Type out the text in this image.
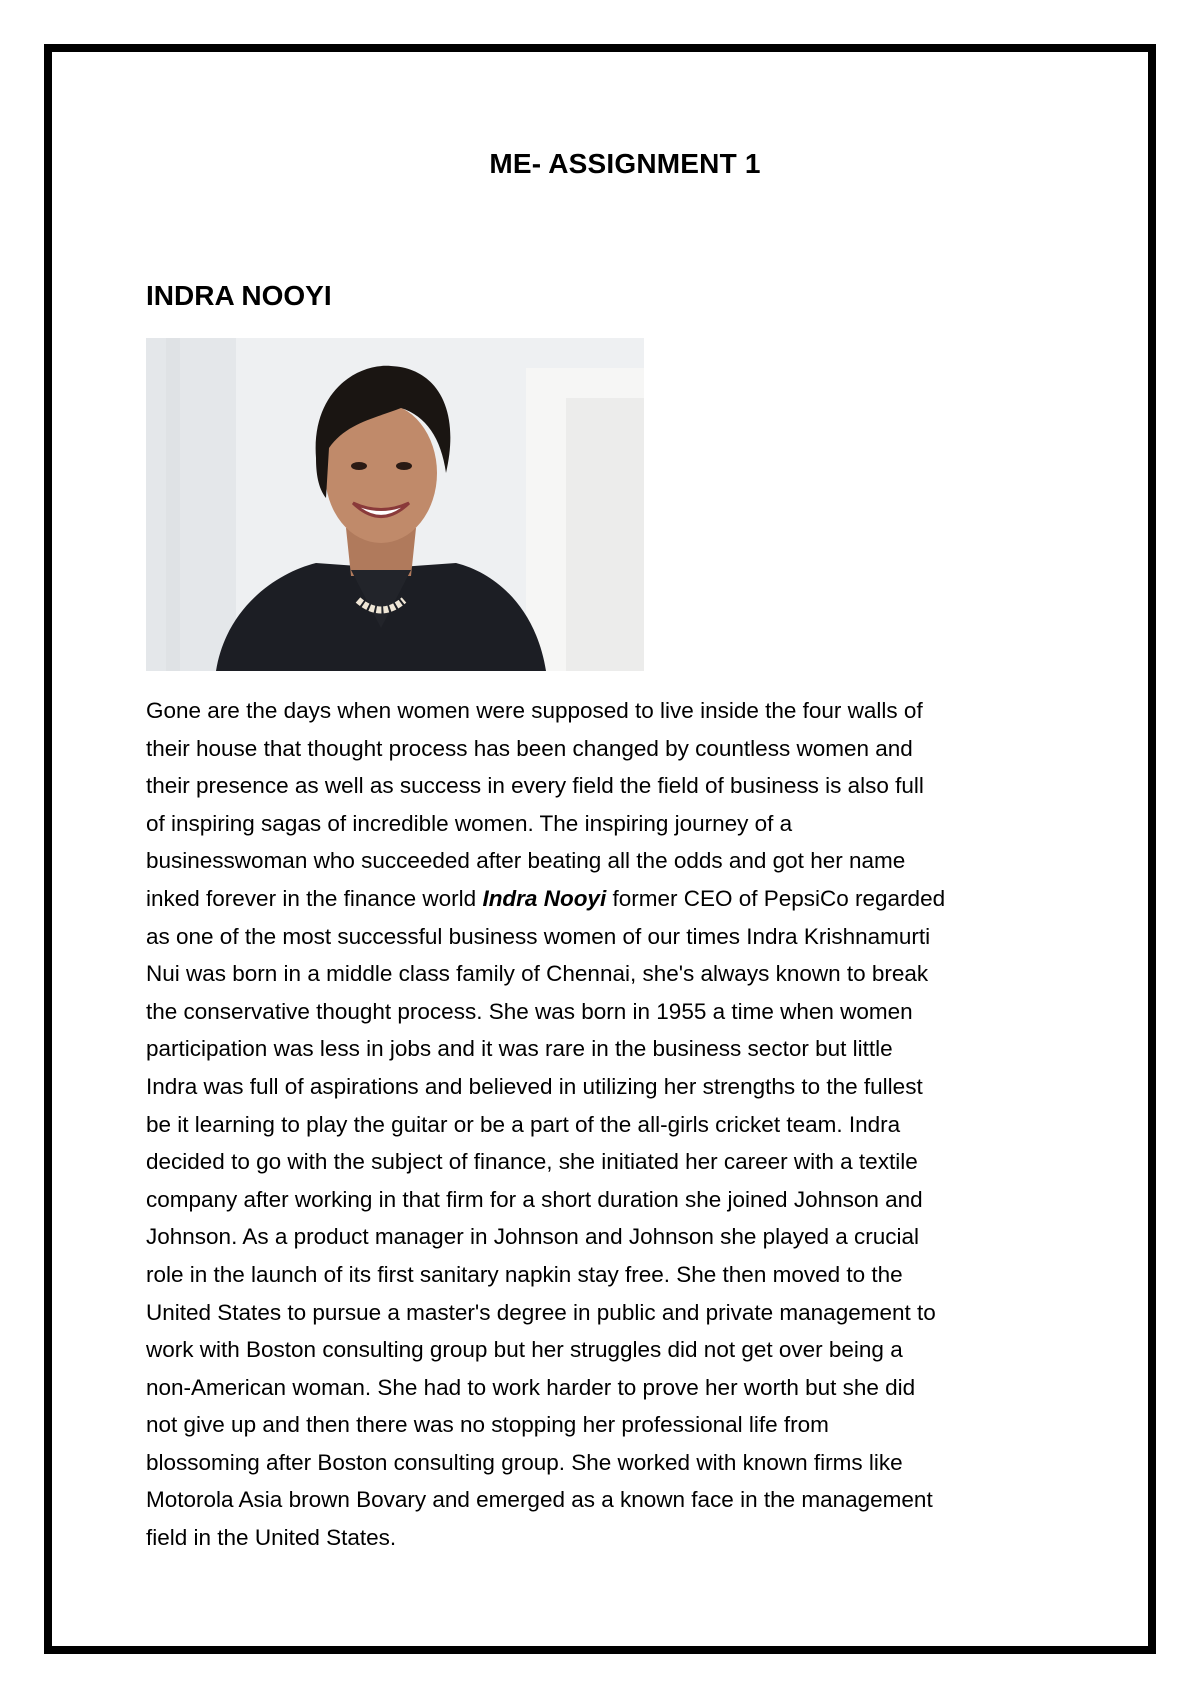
ME- ASSIGNMENT 1
INDRA NOOYI
Gone are the days when women were supposed to live inside the four walls of
their house that thought process has been changed by countless women and
their presence as well as success in every field the field of business is also full
of inspiring sagas of incredible women. The inspiring journey of a
businesswoman who succeeded after beating all the odds and got her name
inked forever in the finance world Indra Nooyi former CEO of PepsiCo regarded
as one of the most successful business women of our times Indra Krishnamurti
Nui was born in a middle class family of Chennai, she's always known to break
the conservative thought process. She was born in 1955 a time when women
participation was less in jobs and it was rare in the business sector but little
Indra was full of aspirations and believed in utilizing her strengths to the fullest
be it learning to play the guitar or be a part of the all-girls cricket team. Indra
decided to go with the subject of finance, she initiated her career with a textile
company after working in that firm for a short duration she joined Johnson and
Johnson. As a product manager in Johnson and Johnson she played a crucial
role in the launch of its first sanitary napkin stay free. She then moved to the
United States to pursue a master's degree in public and private management to
work with Boston consulting group but her struggles did not get over being a
non-American woman. She had to work harder to prove her worth but she did
not give up and then there was no stopping her professional life from
blossoming after Boston consulting group. She worked with known firms like
Motorola Asia brown Bovary and emerged as a known face in the management
field in the United States.
